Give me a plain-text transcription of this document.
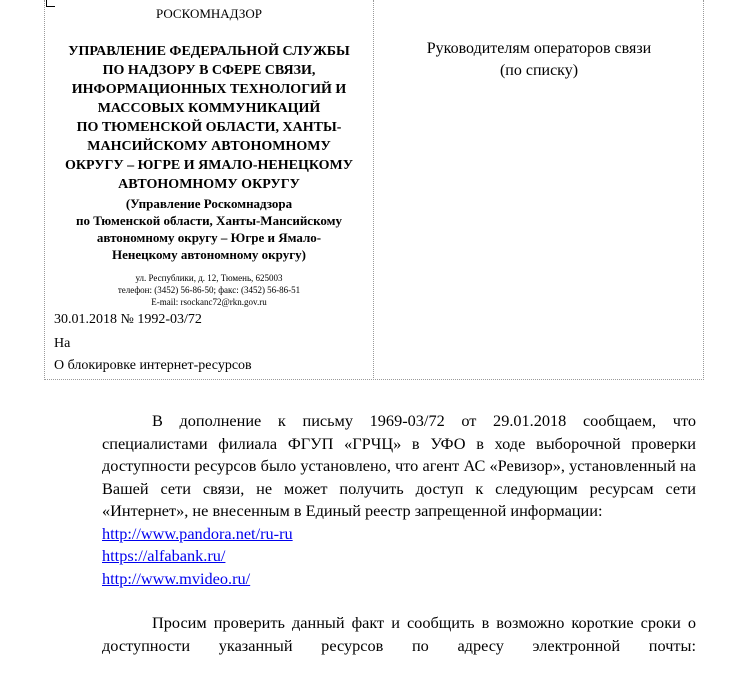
РОСКОМНАДЗОР
УПРАВЛЕНИЕ ФЕДЕРАЛЬНОЙ СЛУЖБЫ
ПО НАДЗОРУ В СФЕРЕ СВЯЗИ,
ИНФОРМАЦИОННЫХ ТЕХНОЛОГИЙ И
МАССОВЫХ КОММУНИКАЦИЙ
ПО ТЮМЕНСКОЙ ОБЛАСТИ, ХАНТЫ-
МАНСИЙСКОМУ АВТОНОМНОМУ
ОКРУГУ – ЮГРЕ И ЯМАЛО-НЕНЕЦКОМУ
АВТОНОМНОМУ ОКРУГУ
(Управление Роскомнадзора
по Тюменской области, Ханты-Мансийскому
автономному округу – Югре и Ямало-
Ненецкому автономному округу)
ул. Республики, д. 12, Тюмень, 625003
телефон: (3452) 56-86-50; факс: (3452) 56-86-51
E-mail: rsockanc72@rkn.gov.ru
30.01.2018 № 1992-03/72
На
О блокировке интернет-ресурсов
Руководителям операторов связи
(по списку)

В дополнение к письму 1969-03/72 от 29.01.2018 сообщаем, что специалистами филиала ФГУП «ГРЧЦ» в УФО в ходе выборочной проверки доступности ресурсов было установлено, что агент АС «Ревизор», установленный на Вашей сети связи, не может получить доступ к следующим ресурсам сети «Интернет», не внесенным в Единый реестр запрещенной информации:

http://www.pandora.net/ru-ru
https://alfabank.ru/
http://www.mvideo.ru/

Просим проверить данный факт и сообщить в возможно короткие сроки о доступности указанный ресурсов по адресу электронной почты:
